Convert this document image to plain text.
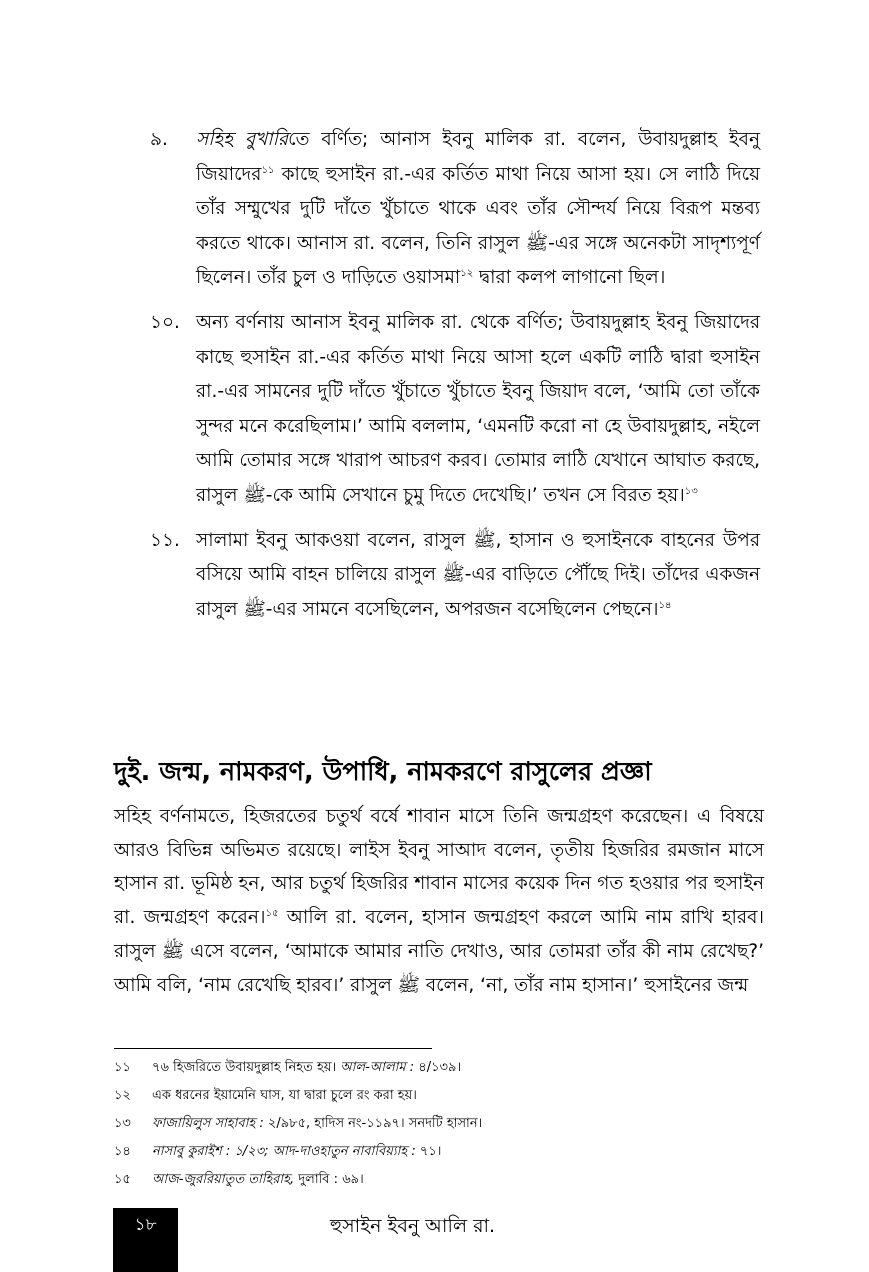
৯.	সহিহ বুখারিতে বর্ণিত; আনাস ইবনু মালিক রা. বলেন, উবায়দুল্লাহ ইবনু জিয়াদের$^{১১}$ কাছে হুসাইন রা.-এর কর্তিত মাথা নিয়ে আসা হয়। সে লাঠি দিয়ে তাঁর সম্মুখের দুটি দাঁতে খুঁচাতে থাকে এবং তাঁর সৌন্দর্য নিয়ে বিরূপ মন্তব্য করতে থাকে। আনাস রা. বলেন, তিনি রাসুল ﷺ-এর সঙ্গে অনেকটা সাদৃশ্যপূর্ণ ছিলেন। তাঁর চুল ও দাড়িতে ওয়াসমা$^{১২}$ দ্বারা কলপ লাগানো ছিল।
১০. অন্য বর্ণনায় আনাস ইবনু মালিক রা. থেকে বর্ণিত; উবায়দুল্লাহ ইবনু জিয়াদের কাছে হুসাইন রা.-এর কর্তিত মাথা নিয়ে আসা হলে একটি লাঠি দ্বারা হুসাইন রা.-এর সামনের দুটি দাঁতে খুঁচাতে খুঁচাতে ইবনু জিয়াদ বলে, ‘আমি তো তাঁকে সুন্দর মনে করেছিলাম।’ আমি বললাম, ‘এমনটি করো না হে উবায়দুল্লাহ, নইলে আমি তোমার সঙ্গে খারাপ আচরণ করব। তোমার লাঠি যেখানে আঘাত করছে, রাসুল ﷺ-কে আমি সেখানে চুমু দিতে দেখেছি।’ তখন সে বিরত হয়।$^{১৩}$
১১. সালামা ইবনু আকওয়া বলেন, রাসুল ﷺ, হাসান ও হুসাইনকে বাহনের উপর বসিয়ে আমি বাহন চালিয়ে রাসুল ﷺ-এর বাড়িতে পৌঁছে দিই। তাঁদের একজন রাসুল ﷺ-এর সামনে বসেছিলেন, অপরজন বসেছিলেন পেছনে।$^{১৪}$
দুই. জন্ম, নামকরণ, উপাধি, নামকরণে রাসুলের প্রজ্ঞা
সহিহ বর্ণনামতে, হিজরতের চতুর্থ বর্ষে শাবান মাসে তিনি জন্মগ্রহণ করেছেন। এ বিষয়ে আরও বিভিন্ন অভিমত রয়েছে। লাইস ইবনু সাআদ বলেন, তৃতীয় হিজরির রমজান মাসে হাসান রা. ভূমিষ্ঠ হন, আর চতুর্থ হিজরির শাবান মাসের কয়েক দিন গত হওয়ার পর হুসাইন রা. জন্মগ্রহণ করেন।$^{১৫}$ আলি রা. বলেন, হাসান জন্মগ্রহণ করলে আমি নাম রাখি হারব। রাসুল ﷺ এসে বলেন, ‘আমাকে আমার নাতি দেখাও, আর তোমরা তাঁর কী নাম রেখেছ?’ আমি বলি, ‘নাম রেখেছি হারব।’ রাসুল ﷺ বলেন, ‘না, তাঁর নাম হাসান।’ হুসাইনের জন্ম
১১	৭৬ হিজরিতে উবায়দুল্লাহ নিহত হয়। আল-আলাম : ৪/১৩৯।
১২	এক ধরনের ইয়ামেনি ঘাস, যা দ্বারা চুলে রং করা হয়।
১৩	ফাজায়িলুস সাহাবাহ : ২/৯৮৫, হাদিস নং-১১৯৭। সনদটি হাসান।
১৪	নাসাবু কুরাইশ : ১/২৩; আদ-দাওহাতুন নাবাবিয়্যাহ : ৭১।
১৫	আজ-জুররিয়াতুত তাহিরাহ, দুলাবি : ৬৯।
১৮	হুসাইন ইবনু আলি রা.
